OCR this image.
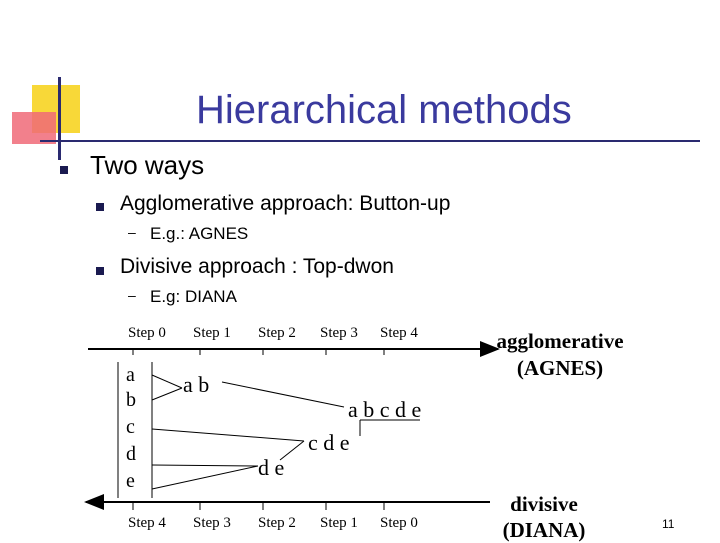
Hierarchical methods
Two ways
Agglomerative approach: Button-up
– E.g.: AGNES
Divisive approach : Top-dwon
– E.g: DIANA
Step 0 Step 1 Step 2 Step 3 Step 4
Step 4 Step 3 Step 2 Step 1 Step 0
a
b
c
d
e
a b
a b c d e
c d e
d e
agglomerative
(AGNES)
divisive
(DIANA)	11
